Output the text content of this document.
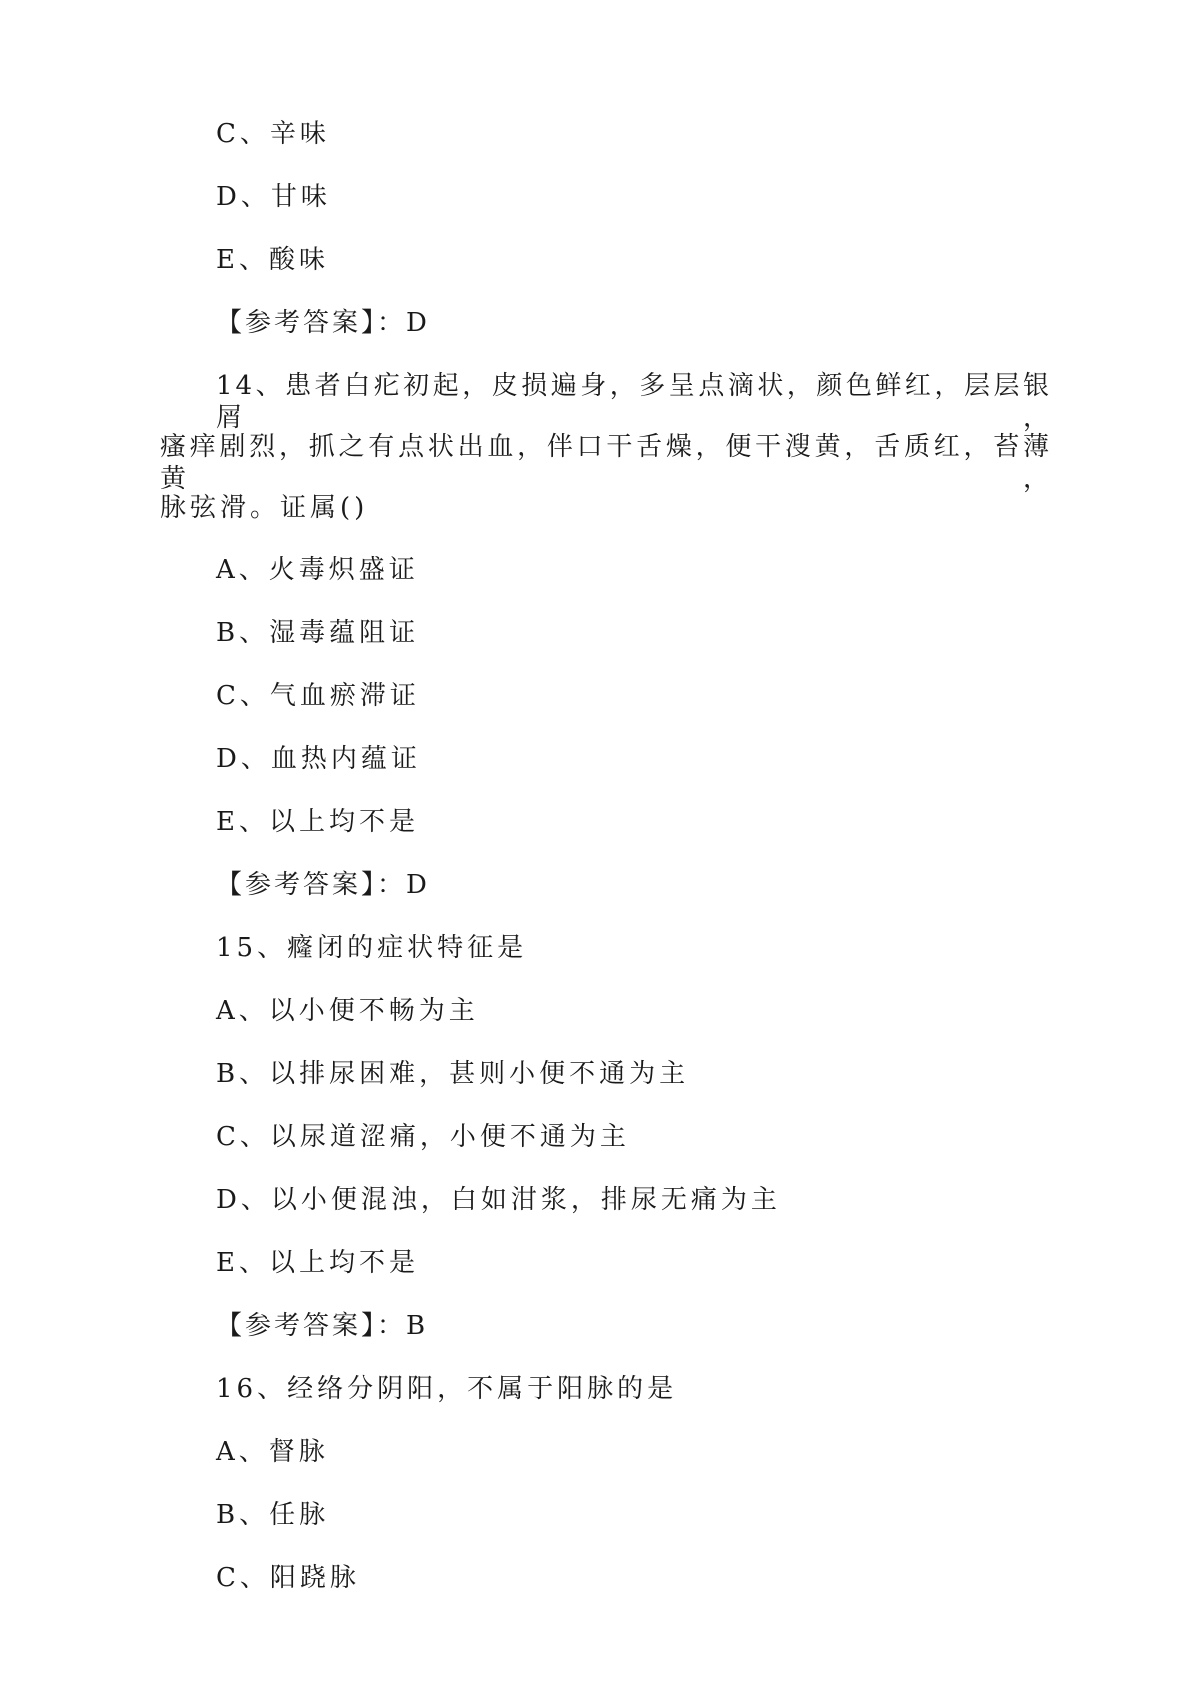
C、辛味
D、甘味
E、酸味
【参考答案】：D
14、患者白疕初起，皮损遍身，多呈点滴状，颜色鲜红，层层银屑，
瘙痒剧烈，抓之有点状出血，伴口干舌燥，便干溲黄，舌质红，苔薄黄，
脉弦滑。证属()
A、火毒炽盛证
B、湿毒蕴阻证
C、气血瘀滞证
D、血热内蕴证
E、以上均不是
【参考答案】：D
15、癃闭的症状特征是
A、以小便不畅为主
B、以排尿困难，甚则小便不通为主
C、以尿道涩痛，小便不通为主
D、以小便混浊，白如泔浆，排尿无痛为主
E、以上均不是
【参考答案】：B
16、经络分阴阳，不属于阳脉的是
A、督脉
B、任脉
C、阳跷脉
